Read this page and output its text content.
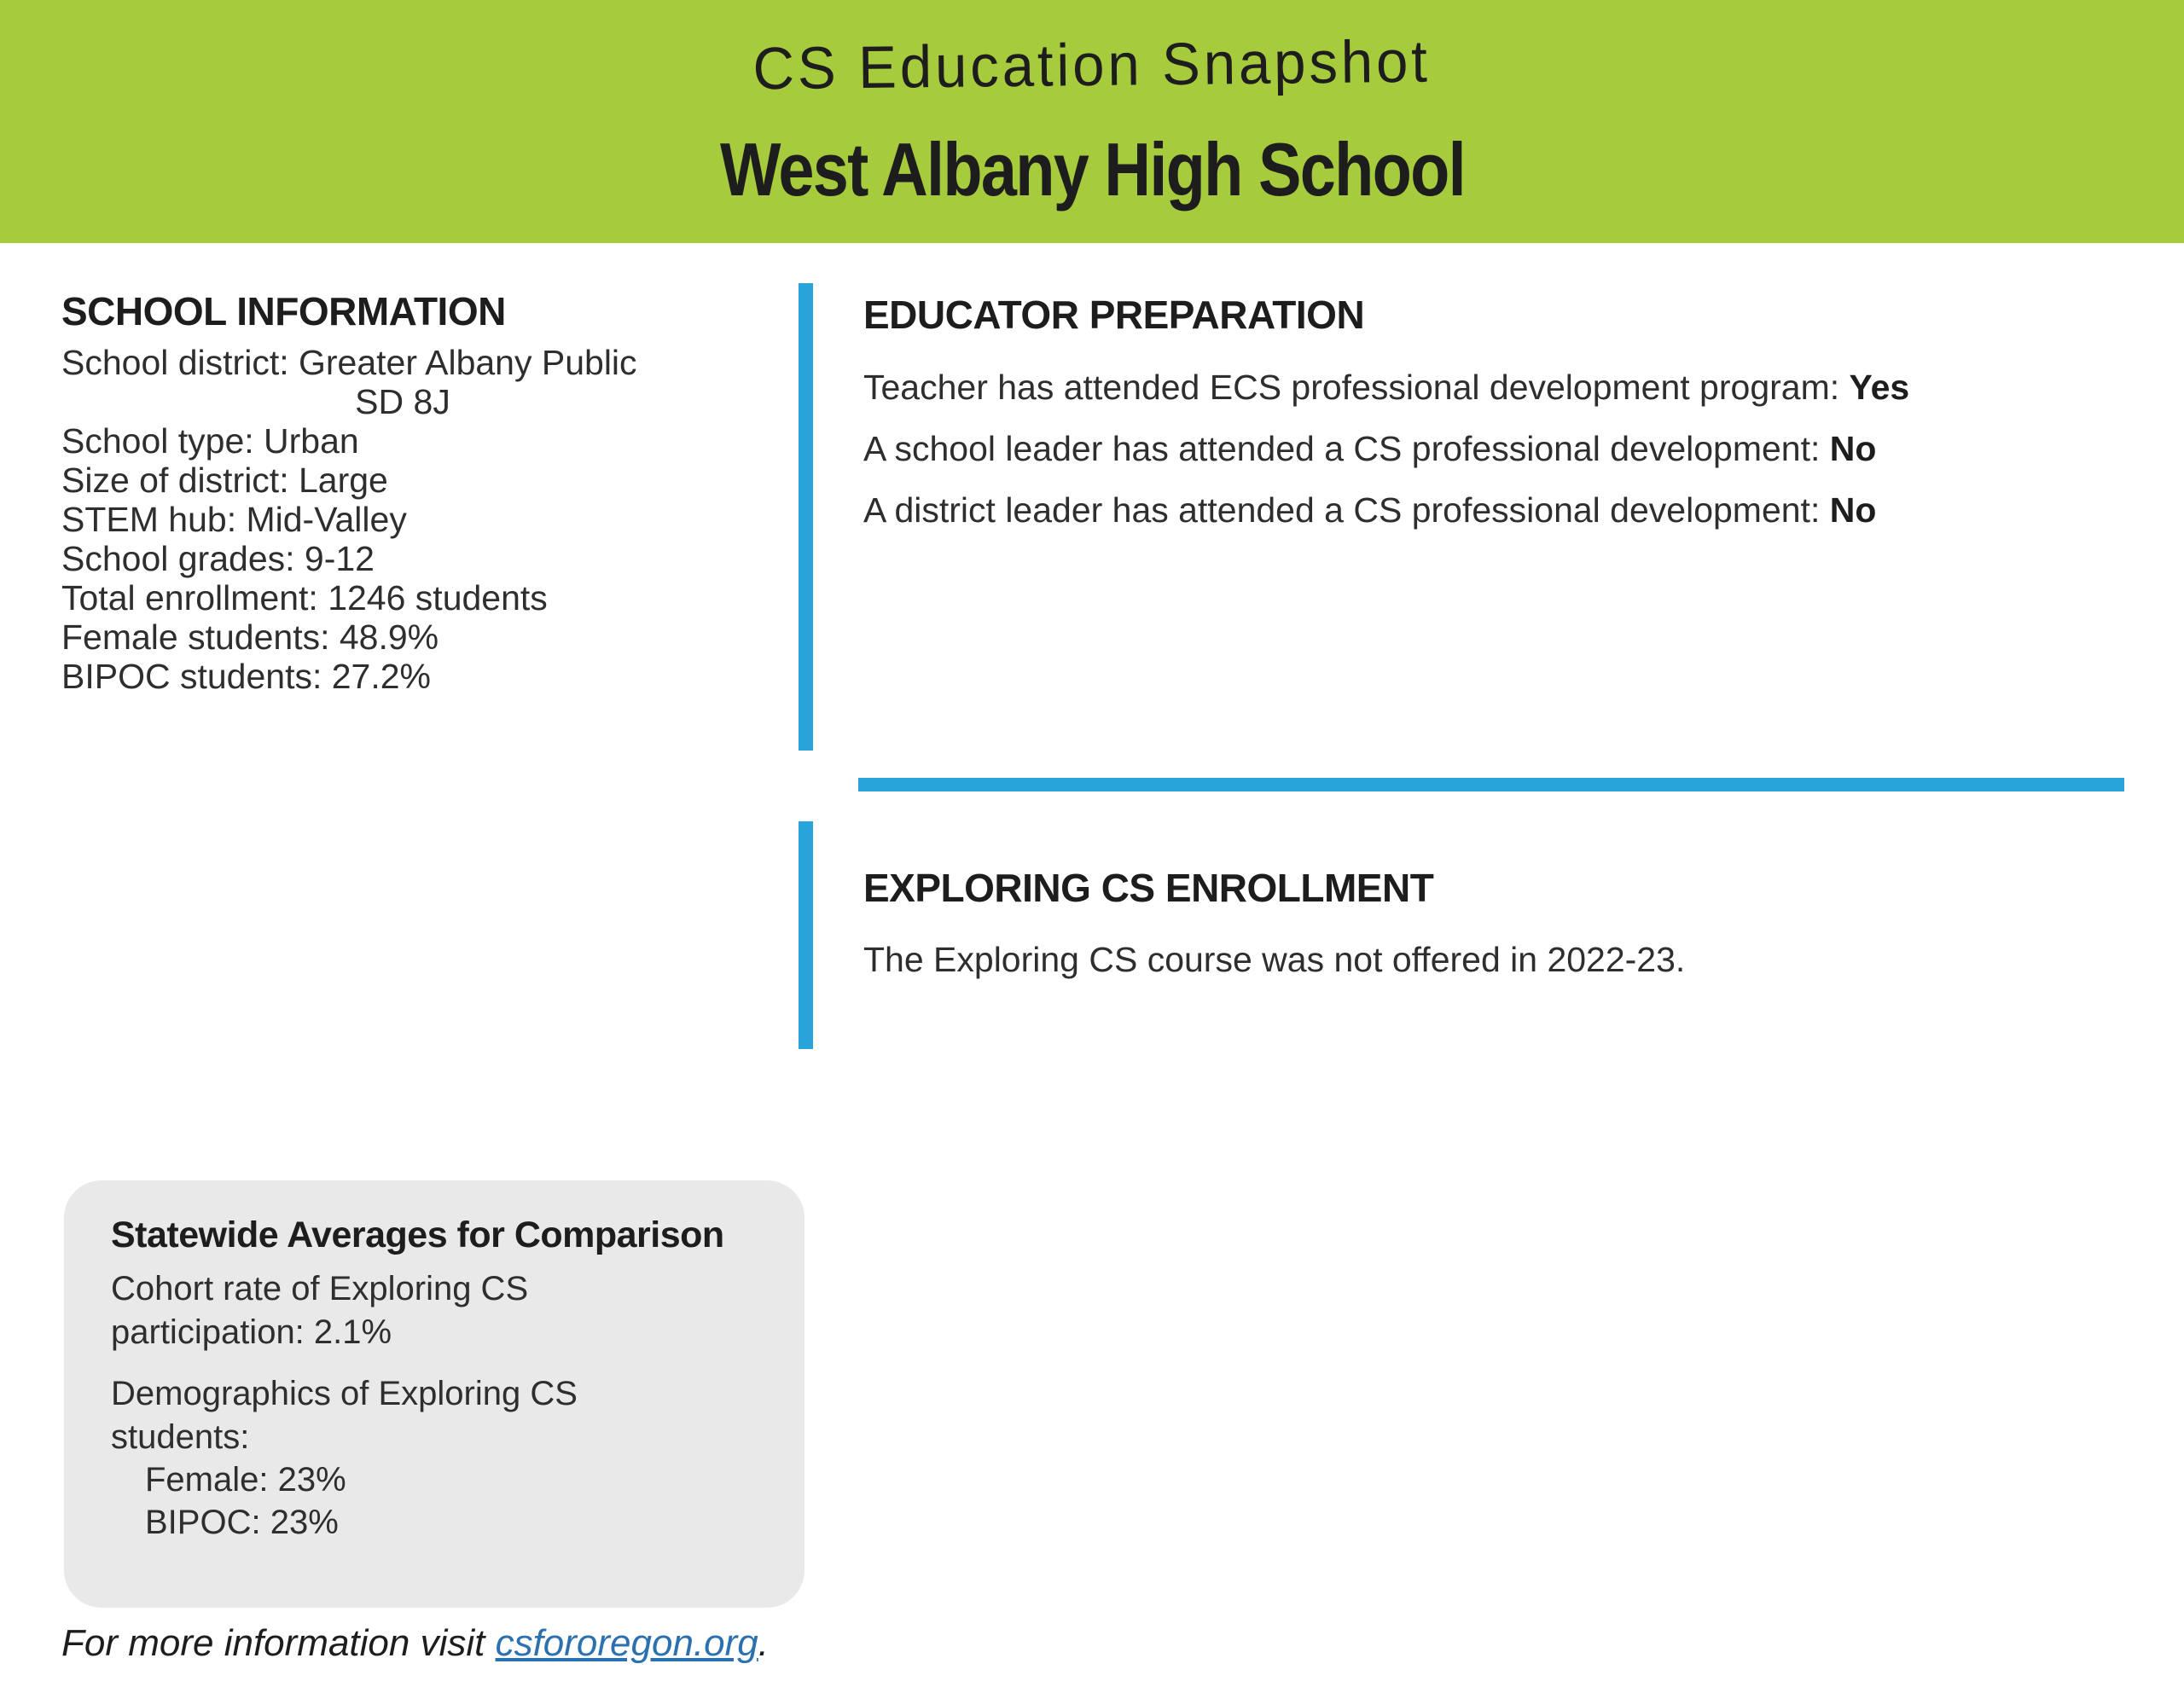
CS Education Snapshot
West Albany High School
SCHOOL INFORMATION
School district: Greater Albany Public
SD 8J
School type: Urban
Size of district: Large
STEM hub: Mid-Valley
School grades: 9-12
Total enrollment: 1246 students
Female students: 48.9%
BIPOC students: 27.2%
EDUCATOR PREPARATION
Teacher has attended ECS professional development program: Yes
A school leader has attended a CS professional development: No
A district leader has attended a CS professional development: No
EXPLORING CS ENROLLMENT
The Exploring CS course was not offered in 2022-23.
Statewide Averages for Comparison
Cohort rate of Exploring CS
participation: 2.1%
Demographics of Exploring CS
students:
Female: 23%
BIPOC: 23%
For more information visit csfororegon.org.
